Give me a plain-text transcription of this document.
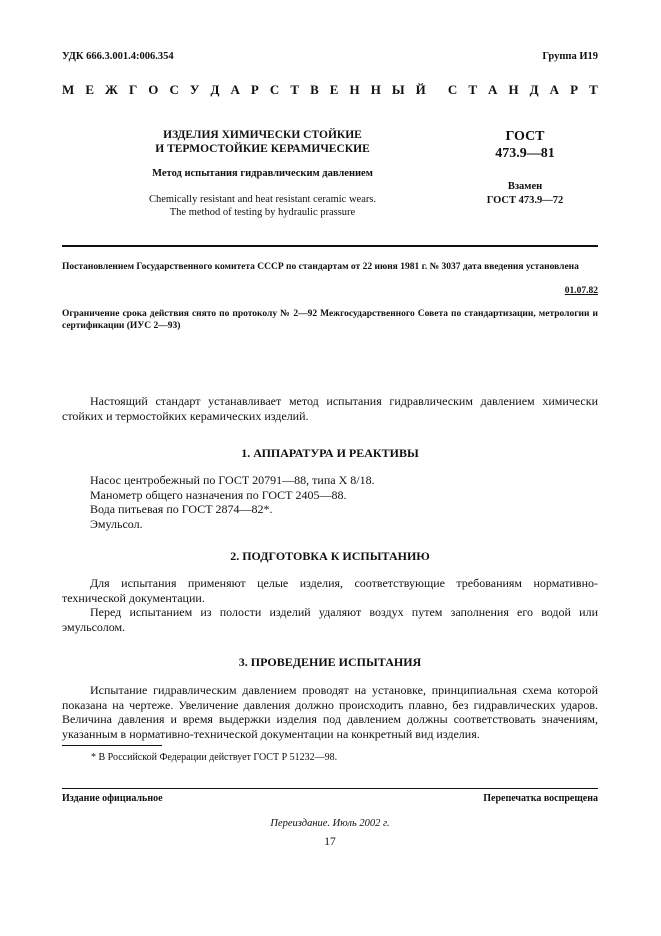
УДК 666.3.001.4:006.354	Группа И19
М Е Ж Г О С У Д А Р С Т В Е Н Н Ы Й С Т А Н Д А Р Т
ИЗДЕЛИЯ ХИМИЧЕСКИ СТОЙКИЕ
И ТЕРМОСТОЙКИЕ КЕРАМИЧЕСКИЕ
Метод испытания гидравлическим давлением
Chemically resistant and heat resistant ceramic wears.
The method of testing by hydraulic prassure
ГОСТ
473.9—81
Взамен
ГОСТ 473.9—72
Постановлением Государственного комитета СССР по стандартам от 22 июня 1981 г. № 3037 дата введения установлена
01.07.82
Ограничение срока действия снято по протоколу № 2—92 Межгосударственного Совета по стандартизации, метрологии и сертификации (ИУС 2—93)
Настоящий стандарт устанавливает метод испытания гидравлическим давлением химически стойких и термостойких керамических изделий.
1. АППАРАТУРА И РЕАКТИВЫ
Насос центробежный по ГОСТ 20791—88, типа Х 8/18.
Манометр общего назначения по ГОСТ 2405—88.
Вода питьевая по ГОСТ 2874—82*.
Эмульсол.
2. ПОДГОТОВКА К ИСПЫТАНИЮ
Для испытания применяют целые изделия, соответствующие требованиям нормативно-технической документации.
Перед испытанием из полости изделий удаляют воздух путем заполнения его водой или эмульсолом.
3. ПРОВЕДЕНИЕ ИСПЫТАНИЯ
Испытание гидравлическим давлением проводят на установке, принципиальная схема которой показана на чертеже. Увеличение давления должно происходить плавно, без гидравлических ударов. Величина давления и время выдержки изделия под давлением должны соответствовать значениям, указанным в нормативно-технической документации на конкретный вид изделия.
* В Российской Федерации действует ГОСТ Р 51232—98.
Издание официальное	Перепечатка воспрещена
Переиздание. Июль 2002 г.
17
